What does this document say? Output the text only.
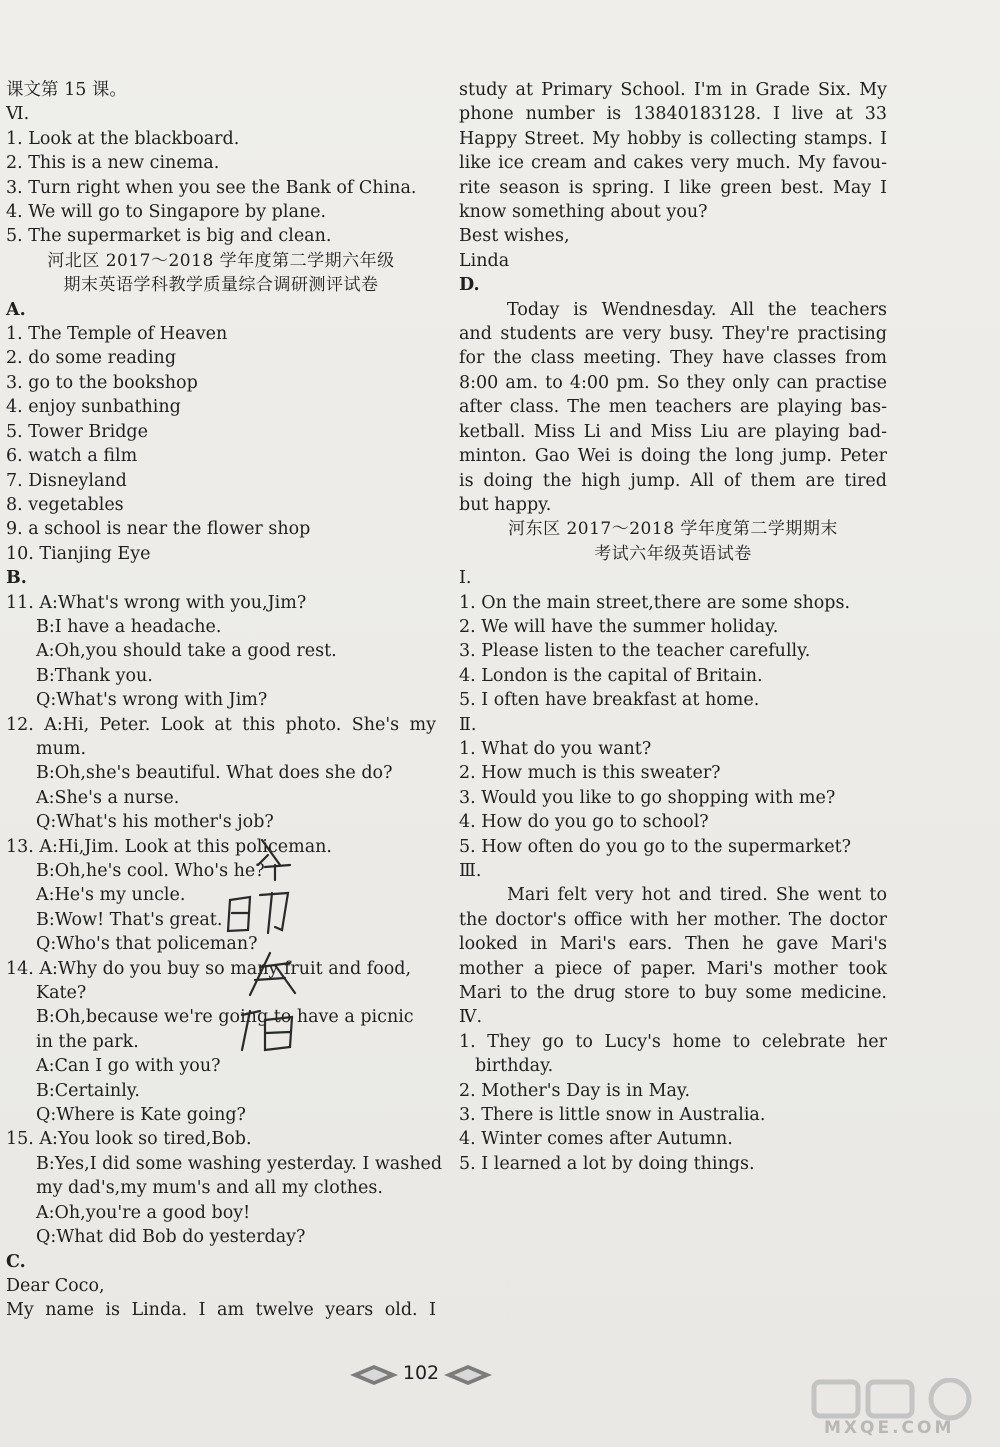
课文第 15 课。
Ⅵ.
1. Look at the blackboard.
2. This is a new cinema.
3. Turn right when you see the Bank of China.
4. We will go to Singapore by plane.
5. The supermarket is big and clean.
河北区 2017～2018 学年度第二学期六年级
期末英语学科教学质量综合调研测评试卷
A.
1. The Temple of Heaven
2. do some reading
3. go to the bookshop
4. enjoy sunbathing
5. Tower Bridge
6. watch a film
7. Disneyland
8. vegetables
9. a school is near the flower shop
10. Tianjing Eye
B.
11. A:What's wrong with you,Jim?
B:I have a headache.
A:Oh,you should take a good rest.
B:Thank you.
Q:What's wrong with Jim?
12. A:Hi, Peter. Look at this photo. She's my
mum.
B:Oh,she's beautiful. What does she do?
A:She's a nurse.
Q:What's his mother's job?
13. A:Hi,Jim. Look at this policeman.
B:Oh,he's cool. Who's he?
A:He's my uncle.
B:Wow! That's great.
Q:Who's that policeman?
14. A:Why do you buy so many fruit and food,
Kate?
B:Oh,because we're going to have a picnic
in the park.
A:Can I go with you?
B:Certainly.
Q:Where is Kate going?
15. A:You look so tired,Bob.
B:Yes,I did some washing yesterday. I washed
my dad's,my mum's and all my clothes.
A:Oh,you're a good boy!
Q:What did Bob do yesterday?
C.
Dear Coco,
My name is Linda. I am twelve years old. I
study at Primary School. I'm in Grade Six. My
phone number is 13840183128. I live at 33
Happy Street. My hobby is collecting stamps. I
like ice cream and cakes very much. My favou-
rite season is spring. I like green best. May I
know something about you?
Best wishes,
Linda
D.
Today is Wendnesday. All the teachers
and students are very busy. They're practising
for the class meeting. They have classes from
8:00 am. to 4:00 pm. So they only can practise
after class. The men teachers are playing bas-
ketball. Miss Li and Miss Liu are playing bad-
minton. Gao Wei is doing the long jump. Peter
is doing the high jump. All of them are tired
but happy.
河东区 2017～2018 学年度第二学期期末
考试六年级英语试卷
Ⅰ.
1. On the main street,there are some shops.
2. We will have the summer holiday.
3. Please listen to the teacher carefully.
4. London is the capital of Britain.
5. I often have breakfast at home.
Ⅱ.
1. What do you want?
2. How much is this sweater?
3. Would you like to go shopping with me?
4. How do you go to school?
5. How often do you go to the supermarket?
Ⅲ.
Mari felt very hot and tired. She went to
the doctor's office with her mother. The doctor
looked in Mari's ears. Then he gave Mari's
mother a piece of paper. Mari's mother took
Mari to the drug store to buy some medicine.
Ⅳ.
1. They go to Lucy's home to celebrate her
birthday.
2. Mother's Day is in May.
3. There is little snow in Australia.
4. Winter comes after Autumn.
5. I learned a lot by doing things.
102
MXQE.COM
